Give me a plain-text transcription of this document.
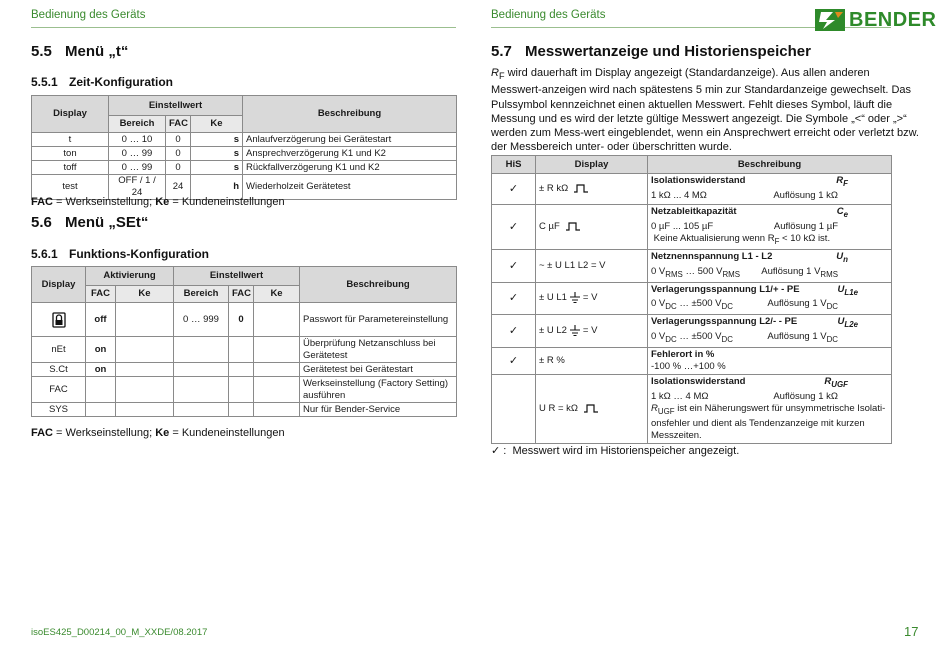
Bedienung des Geräts	Bedienung des Geräts	BENDER
5.5 Menü „t“
5.5.1 Zeit-Konfiguration
Display	Einstellwert			Beschreibung
	Bereich	FAC	Ke	
t	0 … 10	0	s	Anlaufverzögerung bei Gerätestart
ton	0 … 99	0	s	Ansprechverzögerung K1 und K2
toff	0 … 99	0	s	Rückfallverzögerung K1 und K2
test	OFF / 1 / 24	24	h	Wiederholzeit Gerätetest
FAC = Werkseinstellung; Ke = Kundeneinstellungen
5.6 Menü „SEt“
5.6.1 Funktions-Konfiguration
Display	Aktivierung		Einstellwert			Beschreibung
	FAC	Ke	Bereich	FAC	Ke	
	off		0 … 999	0		Passwort für Parametereinstellung
nEt	on					Überprüfung Netzanschluss bei Gerätetest
S.Ct	on					Gerätetest bei Gerätestart
FAC						Werkseinstellung (Factory Setting) ausführen
SYS						Nur für Bender-Service
FAC = Werkseinstellung; Ke = Kundeneinstellungen
5.7 Messwertanzeige und Historienspeicher
$R_F$ wird dauerhaft im Display angezeigt (Standardanzeige). Aus allen anderen Messwert-anzeigen wird nach spätestens 5 min zur Standardanzeige gewechselt. Das Pulssymbol kennzeichnet einen aktuellen Messwert. Fehlt dieses Symbol, läuft die Messung und es wird der letzte gültige Messwert angezeigt. Die Symbole „<“ oder „>“ werden zum Mess-wert eingeblendet, wenn ein Ansprechwert erreicht oder verletzt bzw. der Messbereich unter- oder überschritten wurde.
HiS	Display	Beschreibung
✓	± R kΩ	Isolationswiderstand $R_F$
1 kΩ ... 4 MΩ Auflösung 1 kΩ

✓	C µF	Netzableitkapazität $C_e$
0 µF ... 105 µF Auflösung 1 µF
Keine Aktualisierung wenn $R_F < 10$ kΩ ist.

✓	~ ± U L1 L2 = V	Netznennspannung L1 - L2 $U_n$
0 $V_{RMS}$ … 500 $V_{RMS}$ Auflösung 1 $V_{RMS}$

✓	± U L1 = V	Verlagerungsspannung L1/+ - PE $U_{L1e}$
0 $V_{DC}$ … ±500 $V_{DC}$ Auflösung 1 $V_{DC}$

✓	± U L2 = V	Verlagerungsspannung L2/- - PE $U_{L2e}$
0 $V_{DC}$ … ±500 $V_{DC}$ Auflösung 1 $V_{DC}$

✓	± R %	Fehlerort in %
-100 % …+100 %

	U R = kΩ	Isolationswiderstand $R_{UGF}$
1 kΩ … 4 MΩ Auflösung 1 kΩ
$R_{UGF}$ ist ein Näherungswert für unsymmetrische Isolati-onsfehler und dient als Tendenzanzeige mit kurzen Messzeiten.
✓ : Messwert wird im Historienspeicher angezeigt.
isoES425_D00214_00_M_XXDE/08.2017	17
